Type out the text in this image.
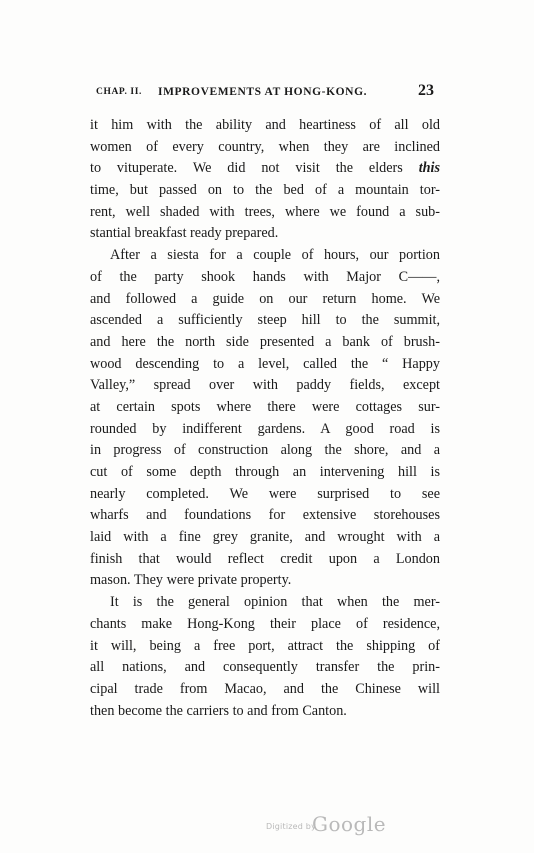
CHAP. II. IMPROVEMENTS AT HONG-KONG.	23
it him with the ability and heartiness of all old
women of every country, when they are inclined
to vituperate. We did not visit the elders this
time, but passed on to the bed of a mountain tor-
rent, well shaded with trees, where we found a sub-
stantial breakfast ready prepared.
After a siesta for a couple of hours, our portion
of the party shook hands with Major C——,
and followed a guide on our return home. We
ascended a sufficiently steep hill to the summit,
and here the north side presented a bank of brush-
wood descending to a level, called the “ Happy
Valley,” spread over with paddy fields, except
at certain spots where there were cottages sur-
rounded by indifferent gardens. A good road is
in progress of construction along the shore, and a
cut of some depth through an intervening hill is
nearly completed. We were surprised to see
wharfs and foundations for extensive storehouses
laid with a fine grey granite, and wrought with a
finish that would reflect credit upon a London
mason. They were private property.
It is the general opinion that when the mer-
chants make Hong-Kong their place of residence,
it will, being a free port, attract the shipping of
all nations, and consequently transfer the prin-
cipal trade from Macao, and the Chinese will
then become the carriers to and from Canton.
Digitized by
Google
